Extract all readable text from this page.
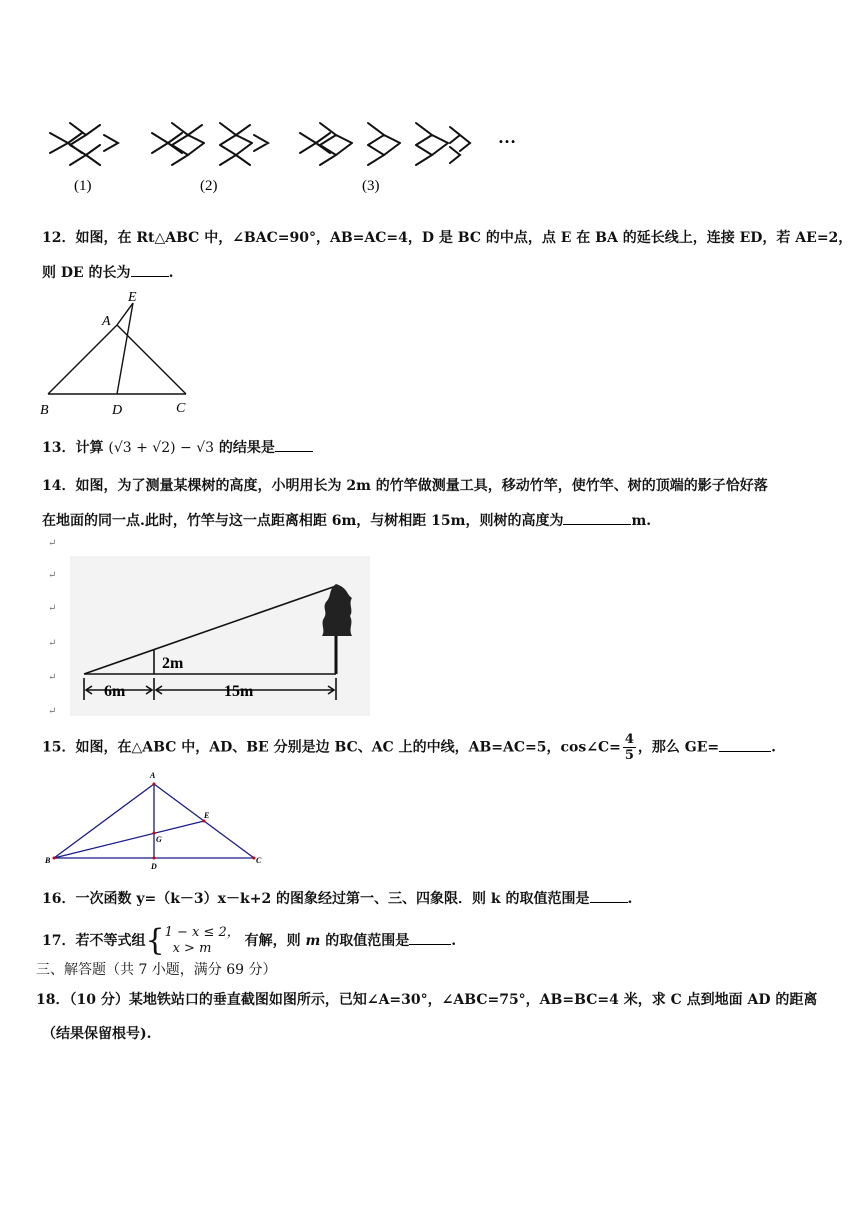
(1)	(2)	(3)
…
12．如图，在 Rt△ABC 中，∠BAC=90°，AB=AC=4，D 是 BC 的中点，点 E 在 BA 的延长线上，连接 ED，若 AE=2，
则 DE 的长为	.
E
A
B	D	C
13．计算 (√3 + √2) − √3 的结果是
14．如图，为了测量某棵树的高度，小明用长为 2m 的竹竿做测量工具，移动竹竿，使竹竿、树的顶端的影子恰好落
在地面的同一点.此时，竹竿与这一点距离相距 6m，与树相距 15m，则树的高度为	m.
↵
↵
↵
↵
↵
↵
2m
6m	15m
15．如图，在△ABC 中，AD、BE 分别是边 BC、AC 上的中线，AB=AC=5，cos∠C= $\frac{4}{5}$ ，那么 GE=	.
A
E
G
B
D
C
16．一次函数 y=（k－3）x－k+2 的图象经过第一、三、四象限．则 k 的取值范围是	.
17．若不等式组{ 1 − x ≤ 2，
x > m	有解，则 m 的取值范围是	.
三、解答题（共 7 小题，满分 69 分）
18．（10 分）某地铁站口的垂直截图如图所示，已知∠A=30°，∠ABC=75°，AB=BC=4 米，求 C 点到地面 AD 的距离
（结果保留根号).
